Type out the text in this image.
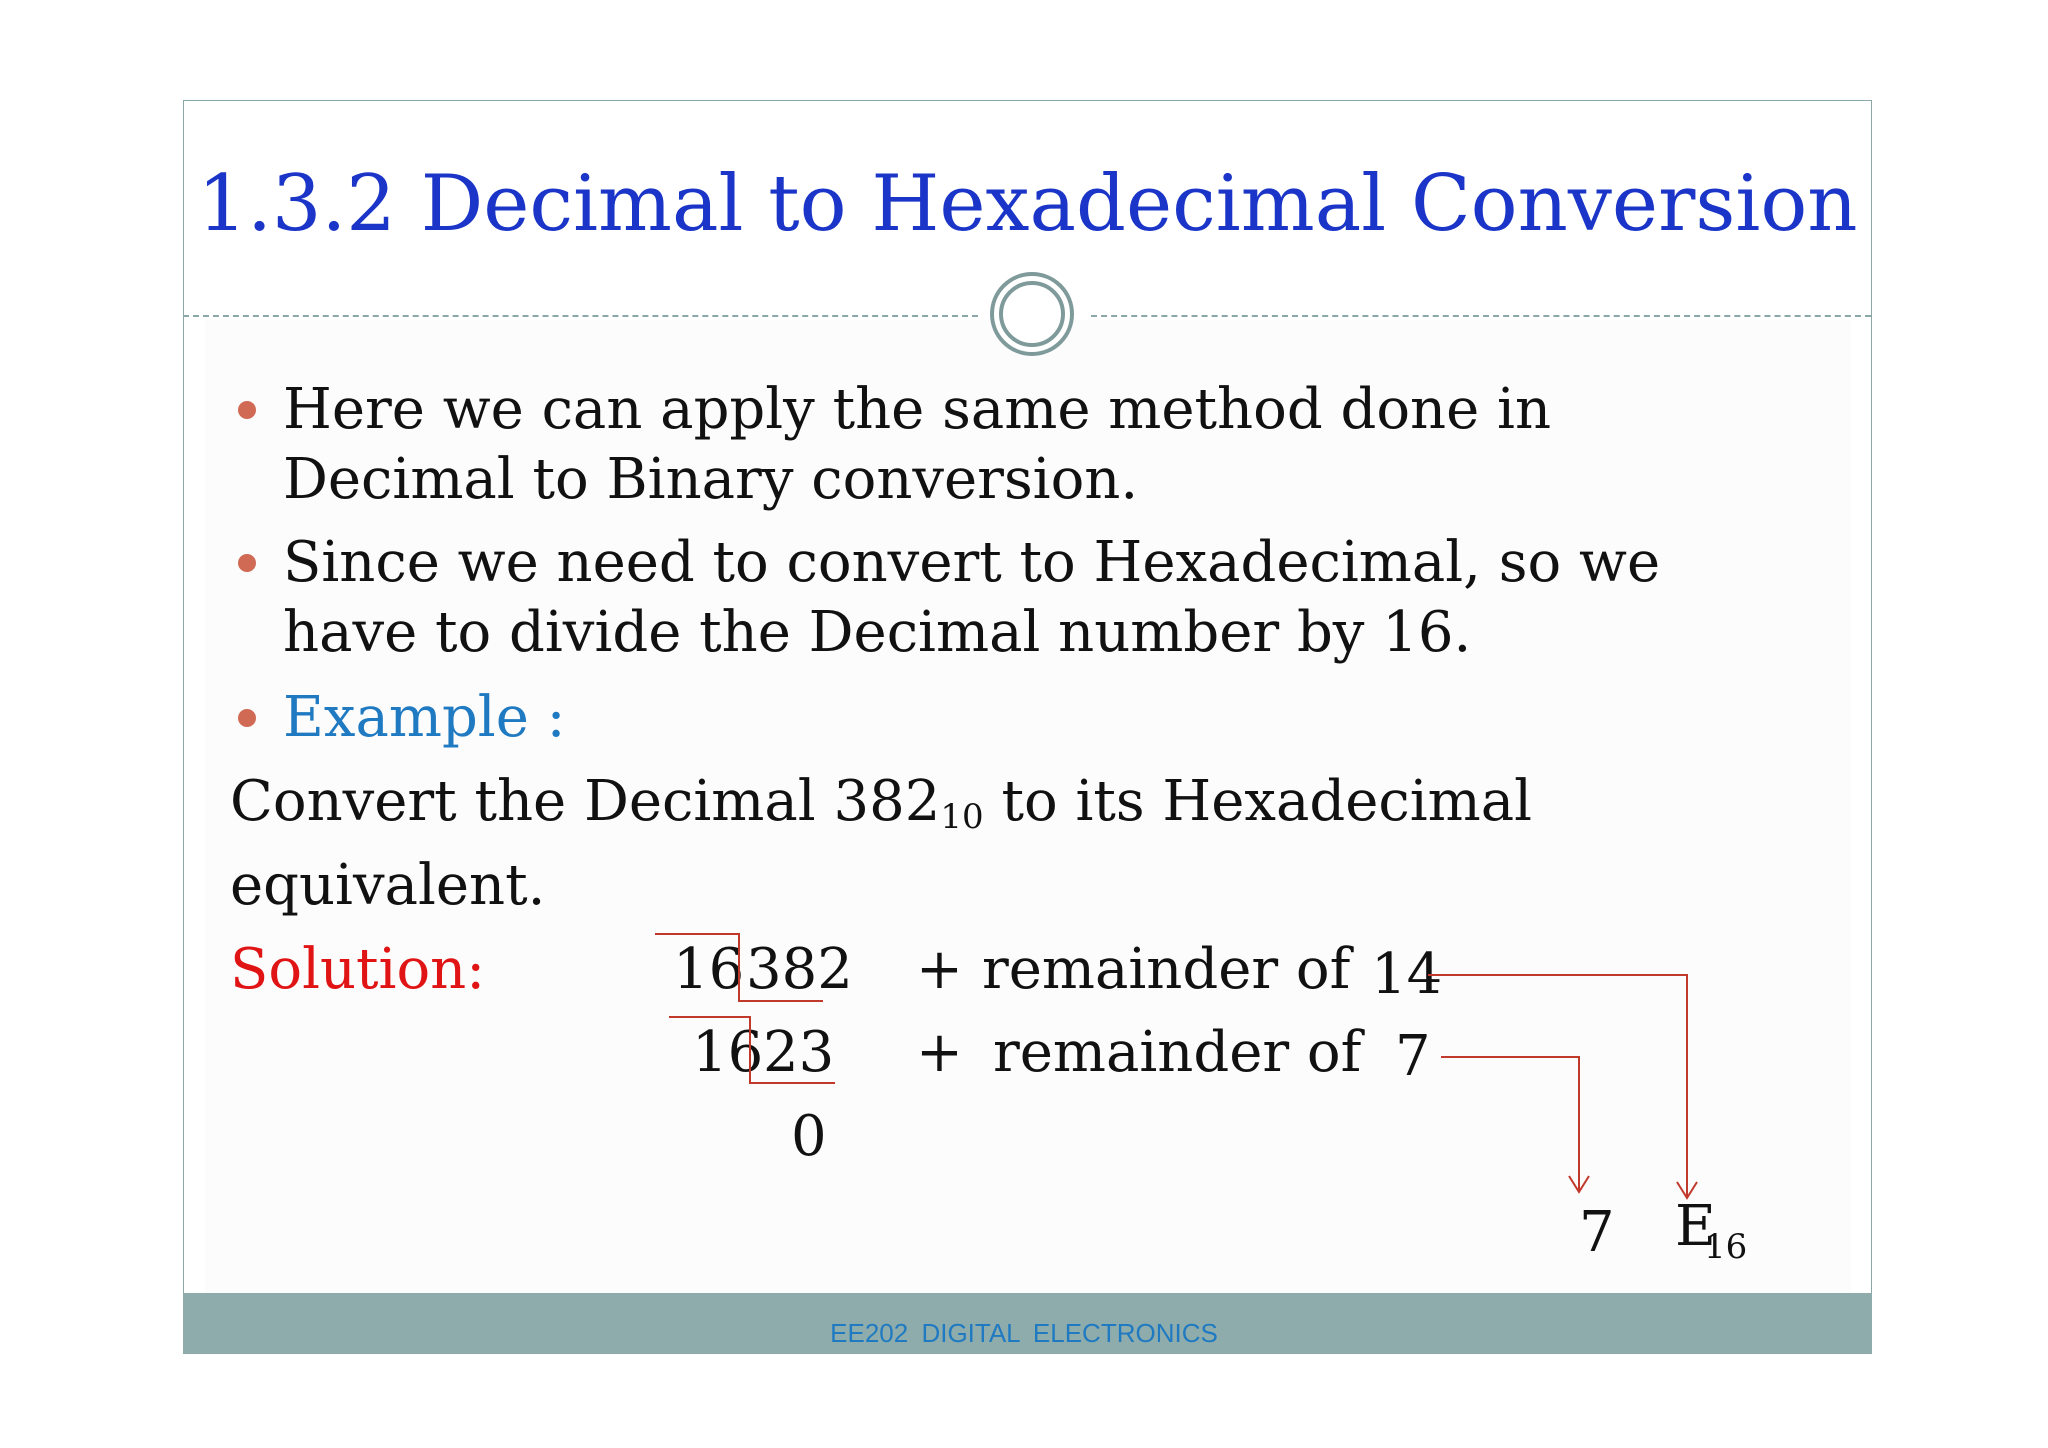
1.3.2 Decimal to Hexadecimal Conversion
Here we can apply the same method done in Decimal to Binary conversion.
Since we need to convert to Hexadecimal, so we have to divide the Decimal number by 16.
Example :
Convert the Decimal $382_{10}$ to its Hexadecimal
equivalent.
Solution:	16 382 + remainder of 14
16 23 + remainder of 7
0
7 E
16
EE202 DIGITAL ELECTRONICS
